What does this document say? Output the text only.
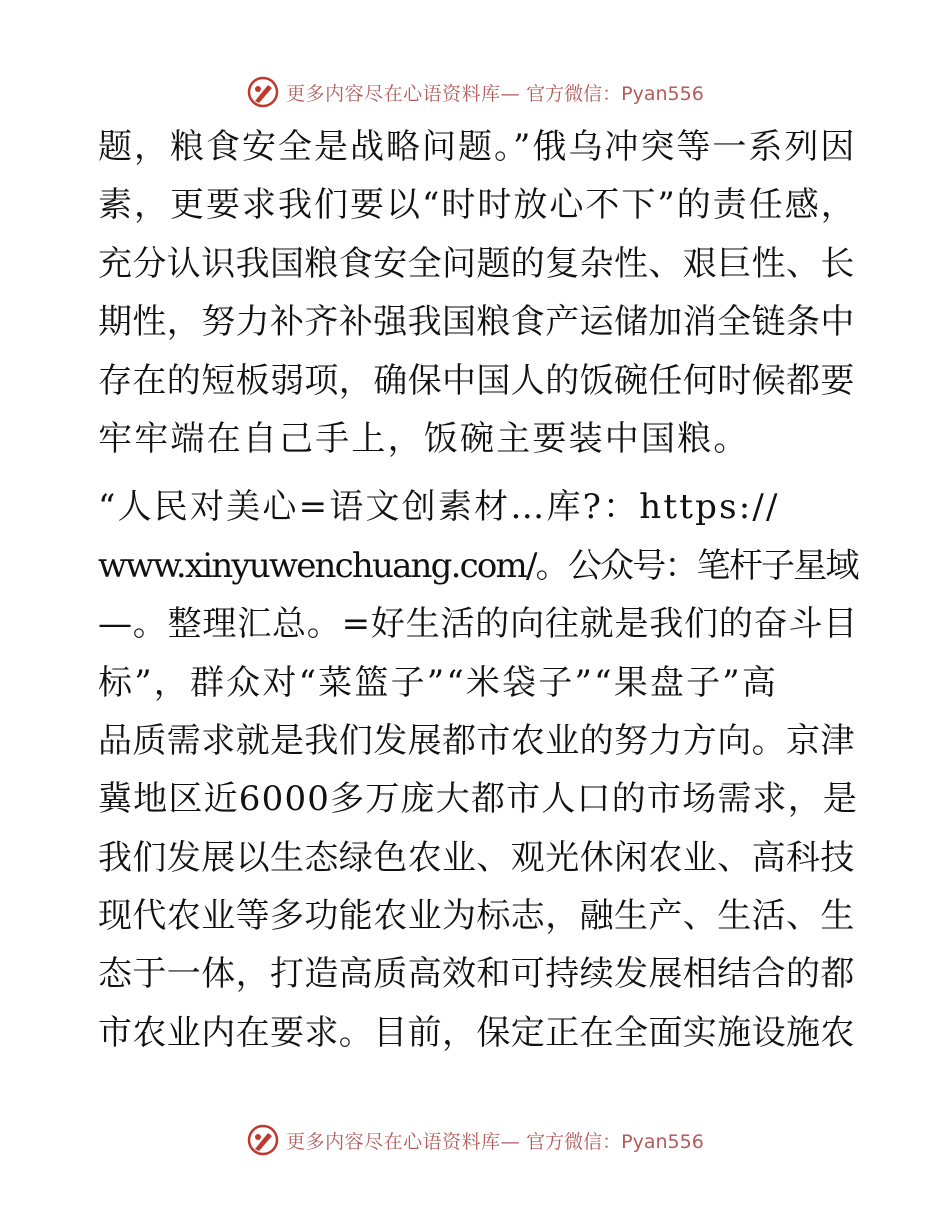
更多内容尽在心语资料库— 官方微信：Pyan556

题，粮食安全是战略问题。”俄乌冲突等一系列因
素，更要求我们要以“时时放心不下”的责任感，
充分认识我国粮食安全问题的复杂性、艰巨性、长
期性，努力补齐补强我国粮食产运储加消全链条中
存在的短板弱项，确保中国人的饭碗任何时候都要
牢牢端在自己手上，饭碗主要装中国粮。

“人民对美心=语文创素材…库?：https://
www.xinyuwenchuang.com/。公众号：笔杆子星域
—。整理汇总。=好生活的向往就是我们的奋斗目
标”，群众对“菜篮子”“米袋子”“果盘子”高
品质需求就是我们发展都市农业的努力方向。京津
冀地区近6000多万庞大都市人口的市场需求，是
我们发展以生态绿色农业、观光休闲农业、高科技
现代农业等多功能农业为标志，融生产、生活、生
态于一体，打造高质高效和可持续发展相结合的都
市农业内在要求。目前，保定正在全面实施设施农

更多内容尽在心语资料库— 官方微信：Pyan556
